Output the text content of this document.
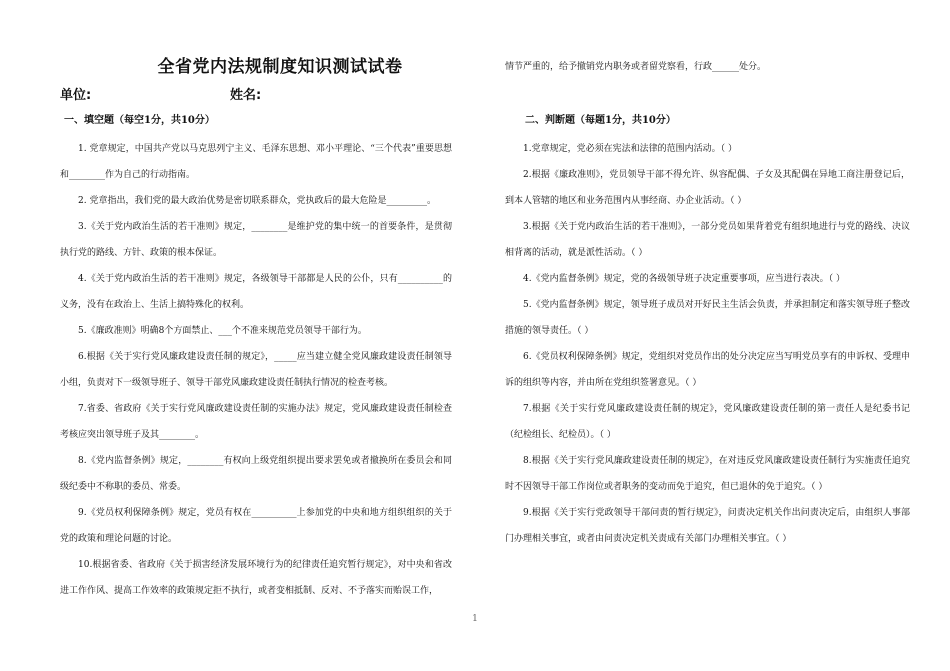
全省党内法规制度知识测试试卷
单位:	姓名:
一、填空题（每空1分，共10分）

1. 党章规定，中国共产党以马克思列宁主义、毛泽东思想、邓小平理论、“三个代表”重要思想和________作为自己的行动指南。

2. 党章指出，我们党的最大政治优势是密切联系群众，党执政后的最大危险是_________。

3.《关于党内政治生活的若干准则》规定，________是维护党的集中统一的首要条件，是贯彻执行党的路线、方针、政策的根本保证。

4.《关于党内政治生活的若干准则》规定，各级领导干部都是人民的公仆，只有__________的义务，没有在政治上、生活上搞特殊化的权利。

5.《廉政准则》明确8个方面禁止、___个不准来规范党员领导干部行为。

6.根据《关于实行党风廉政建设责任制的规定》，_____应当建立健全党风廉政建设责任制领导小组，负责对下一级领导班子、领导干部党风廉政建设责任制执行情况的检查考核。

7.省委、省政府《关于实行党风廉政建设责任制的实施办法》规定，党风廉政建设责任制检查考核应突出领导班子及其________。

8.《党内监督条例》规定，________有权向上级党组织提出要求罢免或者撤换所在委员会和同级纪委中不称职的委员、常委。

9.《党员权利保障条例》规定，党员有权在__________上参加党的中央和地方组织组织的关于党的政策和理论问题的讨论。

10.根据省委、省政府《关于损害经济发展环境行为的纪律责任追究暂行规定》，对中央和省改进工作作风、提高工作效率的政策规定拒不执行，或者变相抵制、反对、不予落实而贻误工作，

情节严重的，给予撤销党内职务或者留党察看，行政______处分。

二、判断题（每题1分，共10分）

1.党章规定，党必须在宪法和法律的范围内活动。（ ）

2.根据《廉政准则》，党员领导干部不得允许、纵容配偶、子女及其配偶在异地工商注册登记后，到本人管辖的地区和业务范围内从事经商、办企业活动。（ ）

3.根据《关于党内政治生活的若干准则》，一部分党员如果背着党有组织地进行与党的路线、决议相背离的活动，就是派性活动。（ ）

4.《党内监督条例》规定，党的各级领导班子决定重要事项，应当进行表决。（ ）

5.《党内监督条例》规定，领导班子成员对开好民主生活会负责，并承担制定和落实领导班子整改措施的领导责任。（ ）

6.《党员权利保障条例》规定，党组织对党员作出的处分决定应当写明党员享有的申诉权、受理申诉的组织等内容，并由所在党组织签署意见。（ ）

7.根据《关于实行党风廉政建设责任制的规定》，党风廉政建设责任制的第一责任人是纪委书记（纪检组长、纪检员）。（ ）

8.根据《关于实行党风廉政建设责任制的规定》，在对违反党风廉政建设责任制行为实施责任追究时不因领导干部工作岗位或者职务的变动而免于追究，但已退休的免于追究。（ ）

9.根据《关于实行党政领导干部问责的暂行规定》，问责决定机关作出问责决定后，由组织人事部门办理相关事宜，或者由问责决定机关责成有关部门办理相关事宜。（ ）

1
